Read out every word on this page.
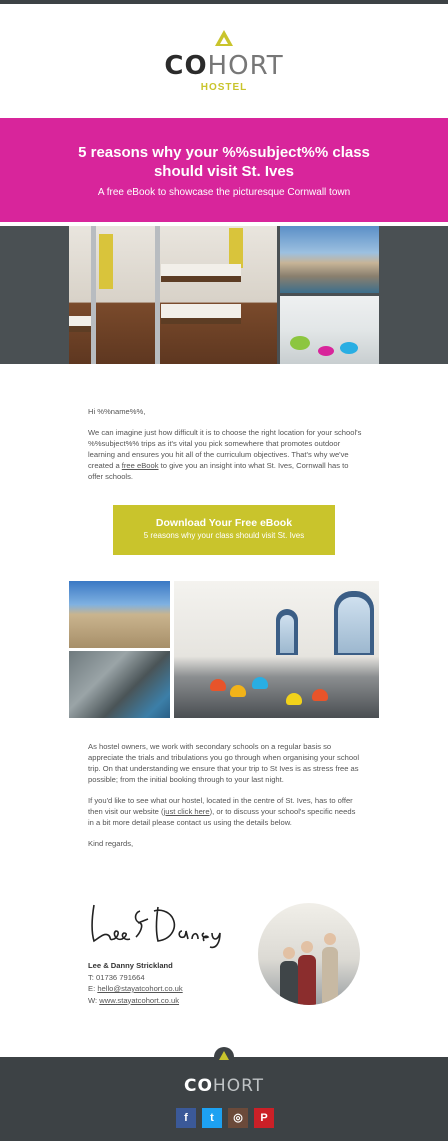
COHORT
HOSTEL
5 reasons why your %%subject%% class should visit St. Ives
A free eBook to showcase the picturesque Cornwall town

Hi %%name%%,

We can imagine just how difficult it is to choose the right location for your school's %%subject%% trips as it's vital you pick somewhere that promotes outdoor learning and ensures you hit all of the curriculum objectives. That's why we've created a free eBook to give you an insight into what St. Ives, Cornwall has to offer schools.

Download Your Free eBook
5 reasons why your class should visit St. Ives

As hostel owners, we work with secondary schools on a regular basis so appreciate the trials and tribulations you go through when organising your school trip. On that understanding we ensure that your trip to St Ives is as stress free as possible; from the initial booking through to your last night.

If you'd like to see what our hostel, located in the centre of St. Ives, has to offer then visit our website (just click here), or to discuss your school's specific needs in a bit more detail please contact us using the details below.

Kind regards,

Lee & Danny Strickland
T: 01736 791664
E: hello@stayatcohort.co.uk
W: www.stayatcohort.co.uk
COHORT
f	t	◎	P
